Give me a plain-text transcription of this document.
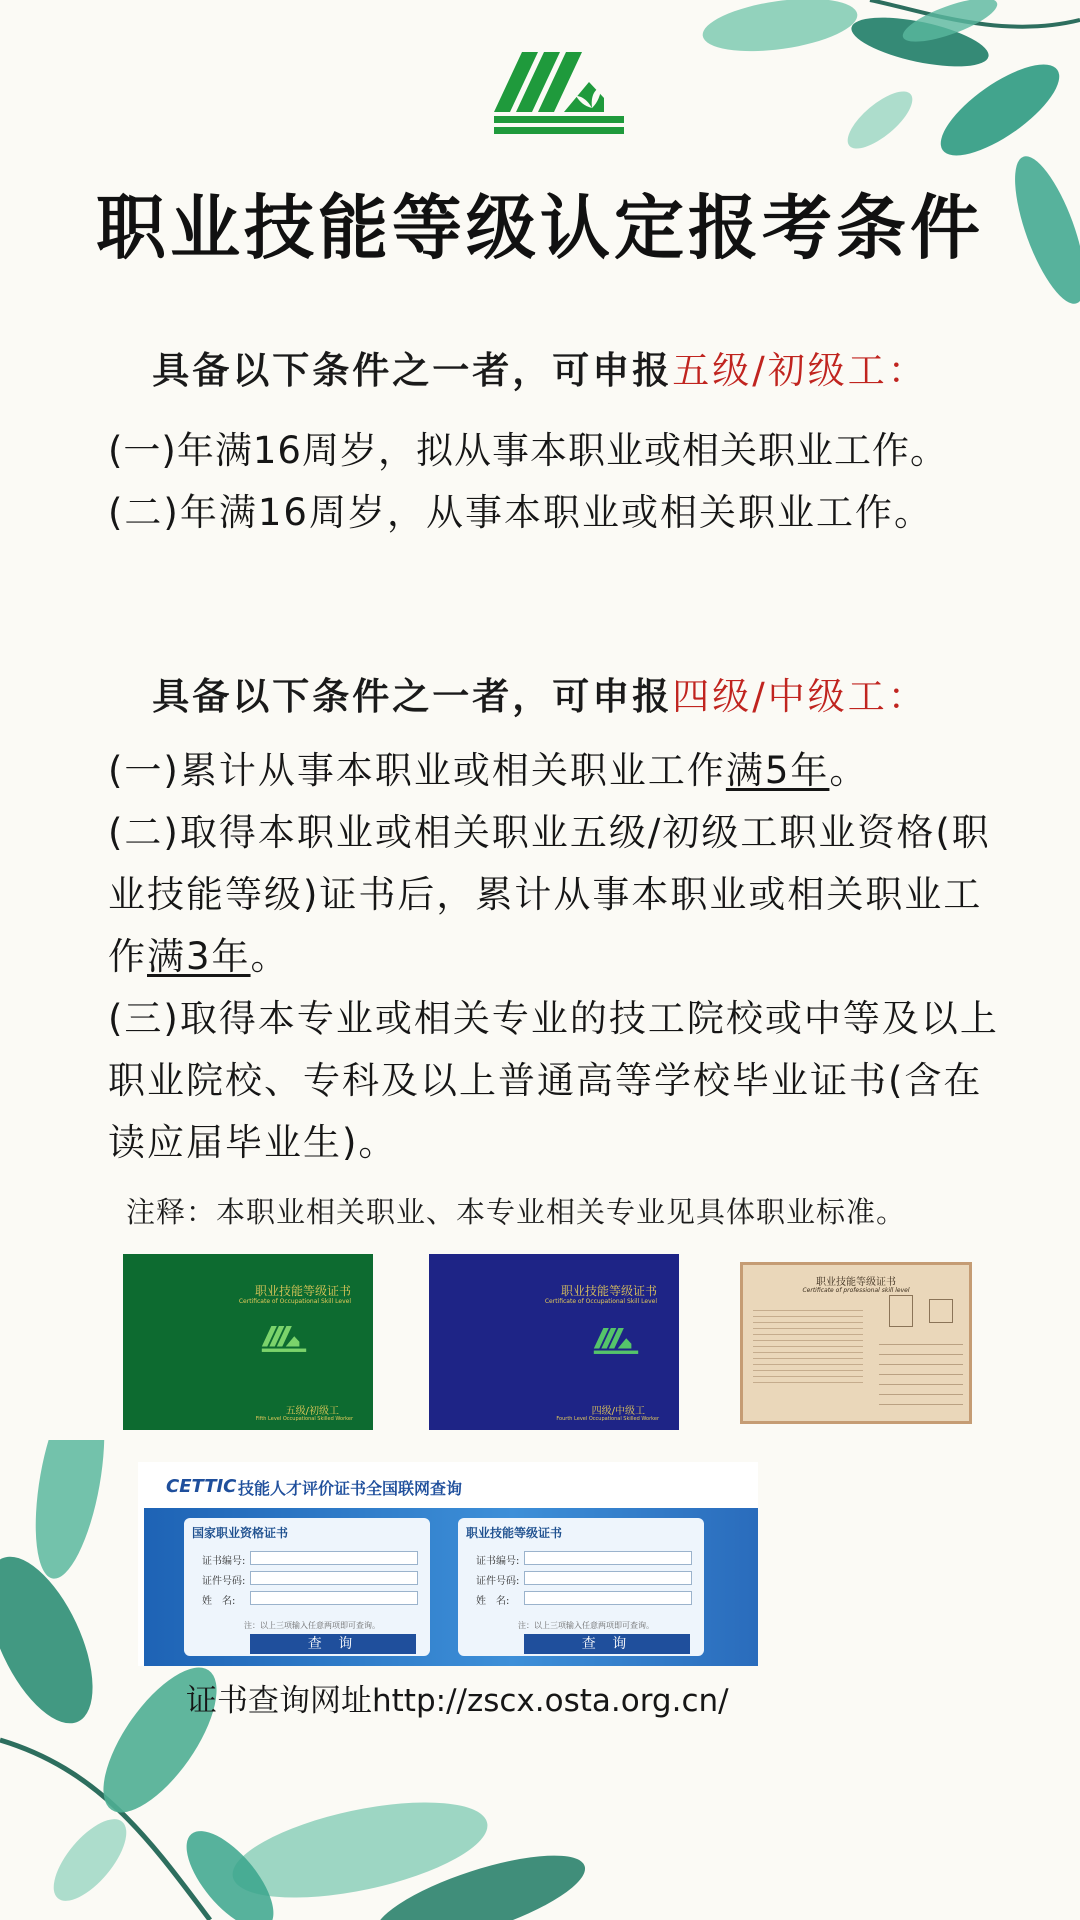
职业技能等级认定报考条件

具备以下条件之一者，可申报五级/初级工：

(一)年满16周岁，拟从事本职业或相关职业工作。
(二)年满16周岁，从事本职业或相关职业工作。

具备以下条件之一者，可申报四级/中级工：

(一)累计从事本职业或相关职业工作满5年。
(二)取得本职业或相关职业五级/初级工职业资格(职业技能等级)证书后，累计从事本职业或相关职业工作满3年。
(三)取得本专业或相关专业的技工院校或中等及以上职业院校、专科及以上普通高等学校毕业证书(含在读应届毕业生)。
注释：本职业相关职业、本专业相关专业见具体职业标准。
职业技能等级证书
Certificate of Occupational Skill Level
五级/初级工
Fifth Level Occupational Skilled Worker
职业技能等级证书
Certificate of Occupational Skill Level
四级/中级工
Fourth Level Occupational Skilled Worker
职业技能等级证书
Certificate of professional skill level
CETTIC 技能人才评价证书全国联网查询
国家职业资格证书
证书编号:
证件号码:
姓　名:
注：以上三项输入任意两项即可查询。
查 询
职业技能等级证书
证书编号:
证件号码:
姓　名:
注：以上三项输入任意两项即可查询。
查 询
证书查询网址http://zscx.osta.org.cn/
